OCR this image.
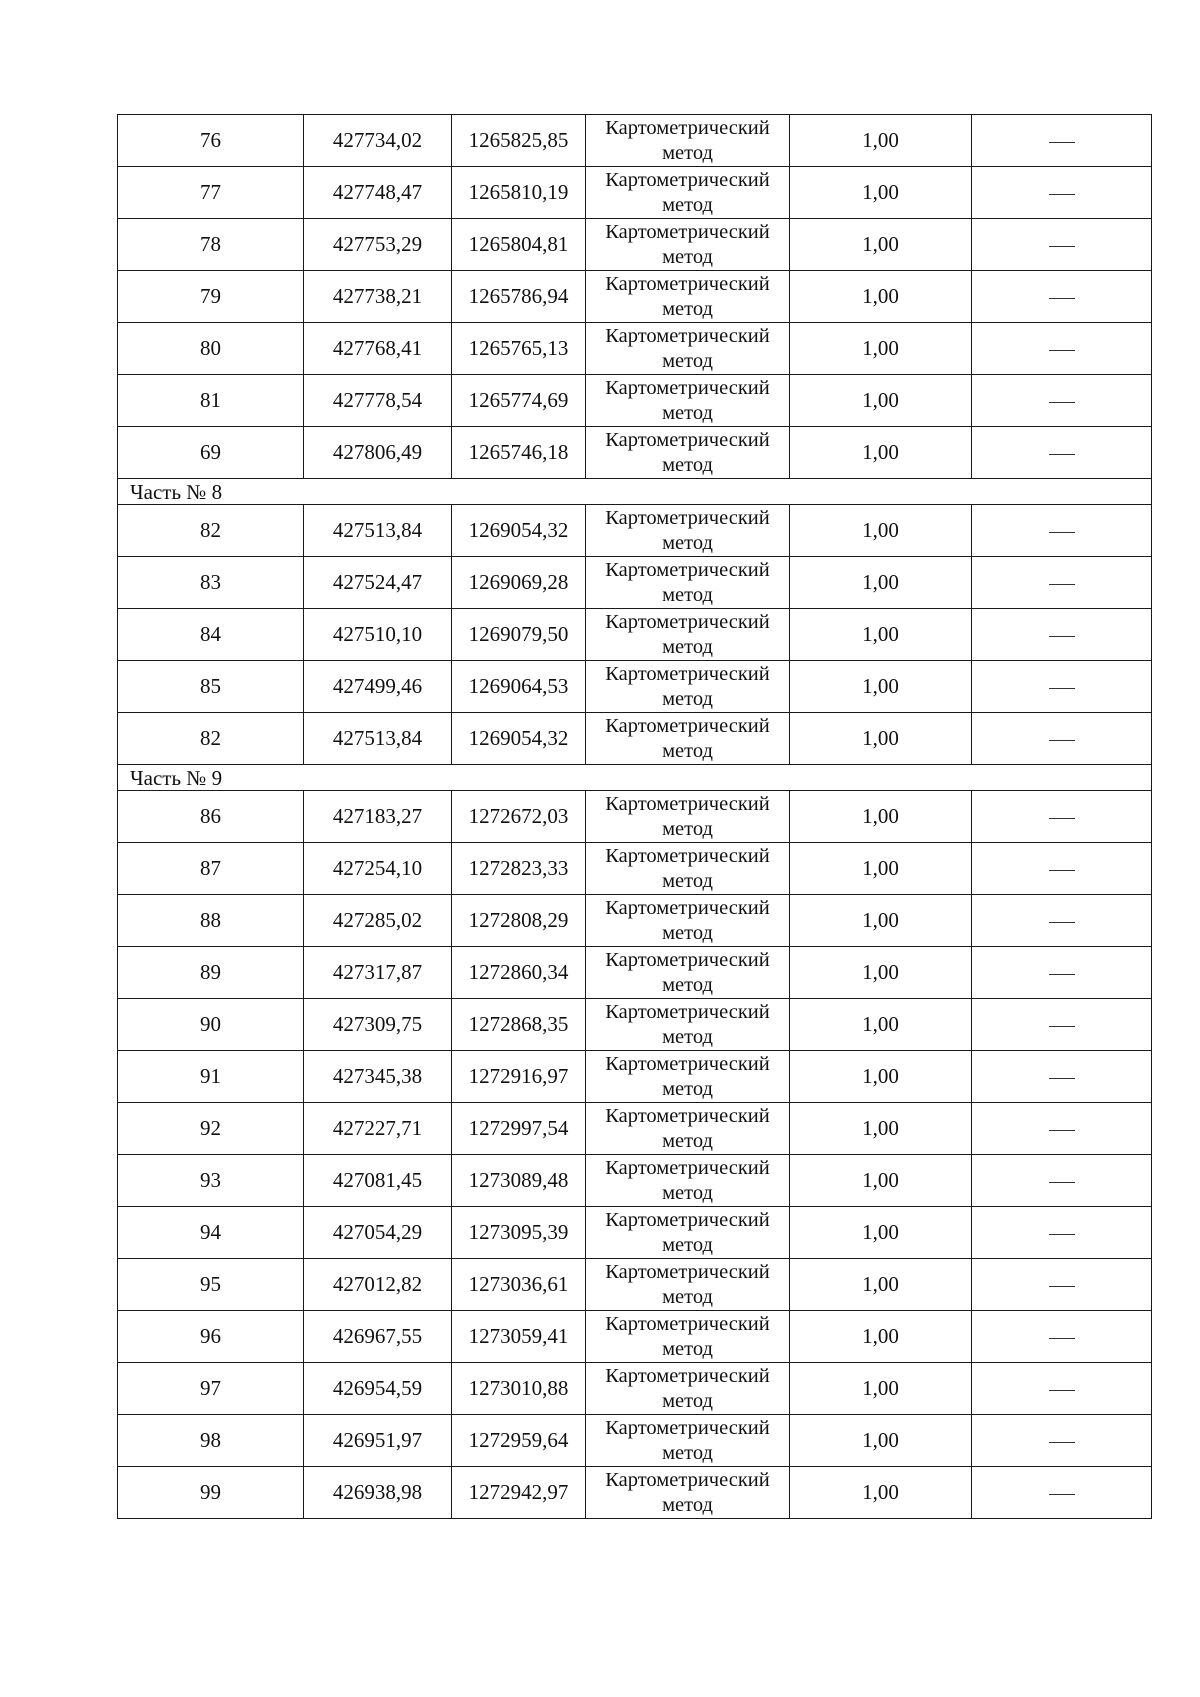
76	427734,02	1265825,85	Картометрический метод	1,00	
77	427748,47	1265810,19	Картометрический метод	1,00	
78	427753,29	1265804,81	Картометрический метод	1,00	
79	427738,21	1265786,94	Картометрический метод	1,00	
80	427768,41	1265765,13	Картометрический метод	1,00	
81	427778,54	1265774,69	Картометрический метод	1,00	
69	427806,49	1265746,18	Картометрический метод	1,00	
Часть № 8					
82	427513,84	1269054,32	Картометрический метод	1,00	
83	427524,47	1269069,28	Картометрический метод	1,00	
84	427510,10	1269079,50	Картометрический метод	1,00	
85	427499,46	1269064,53	Картометрический метод	1,00	
82	427513,84	1269054,32	Картометрический метод	1,00	
Часть № 9					
86	427183,27	1272672,03	Картометрический метод	1,00	
87	427254,10	1272823,33	Картометрический метод	1,00	
88	427285,02	1272808,29	Картометрический метод	1,00	
89	427317,87	1272860,34	Картометрический метод	1,00	
90	427309,75	1272868,35	Картометрический метод	1,00	
91	427345,38	1272916,97	Картометрический метод	1,00	
92	427227,71	1272997,54	Картометрический метод	1,00	
93	427081,45	1273089,48	Картометрический метод	1,00	
94	427054,29	1273095,39	Картометрический метод	1,00	
95	427012,82	1273036,61	Картометрический метод	1,00	
96	426967,55	1273059,41	Картометрический метод	1,00	
97	426954,59	1273010,88	Картометрический метод	1,00	
98	426951,97	1272959,64	Картометрический метод	1,00	
99	426938,98	1272942,97	Картометрический метод	1,00	
